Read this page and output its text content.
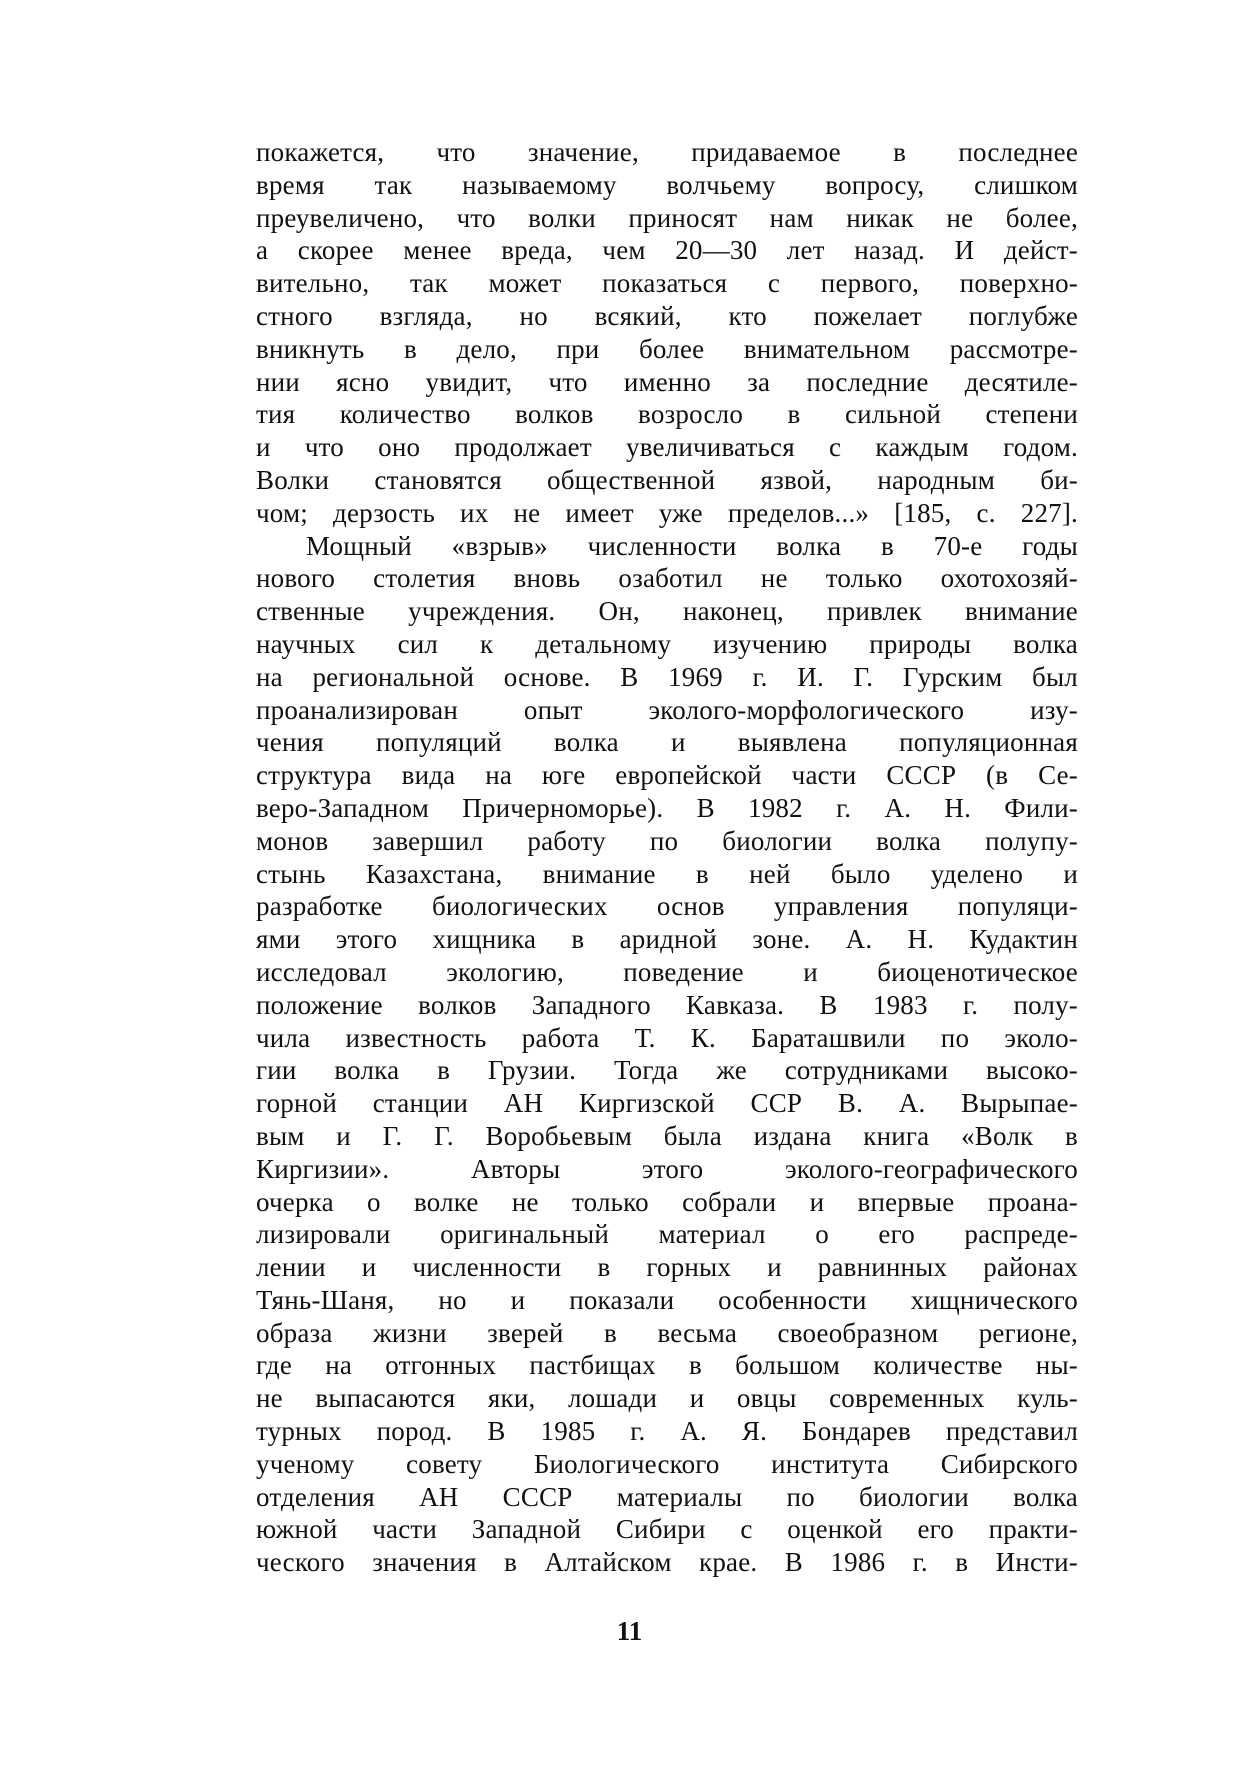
покажется, что значение, придаваемое в последнее
время так называемому волчьему вопросу, слишком
преувеличено, что волки приносят нам никак не более,
а скорее менее вреда, чем 20—30 лет назад. И дейст-
вительно, так может показаться с первого, поверхно-
стного взгляда, но всякий, кто пожелает поглубже
вникнуть в дело, при более внимательном рассмотре-
нии ясно увидит, что именно за последние десятиле-
тия количество волков возросло в сильной степени
и что оно продолжает увеличиваться с каждым годом.
Волки становятся общественной язвой, народным би-
чом; дерзость их не имеет уже пределов...» [185, с. 227].
Мощный «взрыв» численности волка в 70-е годы
нового столетия вновь озаботил не только охотохозяй-
ственные учреждения. Он, наконец, привлек внимание
научных сил к детальному изучению природы волка
на региональной основе. В 1969 г. И. Г. Гурским был
проанализирован опыт эколого-морфологического изу-
чения популяций волка и выявлена популяционная
структура вида на юге европейской части СССР (в Се-
веро-Западном Причерноморье). В 1982 г. А. Н. Фили-
монов завершил работу по биологии волка полупу-
стынь Казахстана, внимание в ней было уделено и
разработке биологических основ управления популяци-
ями этого хищника в аридной зоне. А. Н. Кудактин
исследовал экологию, поведение и биоценотическое
положение волков Западного Кавказа. В 1983 г. полу-
чила известность работа Т. К. Бараташвили по эколо-
гии волка в Грузии. Тогда же сотрудниками высоко-
горной станции АН Киргизской ССР В. А. Вырыпае-
вым и Г. Г. Воробьевым была издана книга «Волк в
Киргизии». Авторы этого эколого-географического
очерка о волке не только собрали и впервые проана-
лизировали оригинальный материал о его распреде-
лении и численности в горных и равнинных районах
Тянь-Шаня, но и показали особенности хищнического
образа жизни зверей в весьма своеобразном регионе,
где на отгонных пастбищах в большом количестве ны-
не выпасаются яки, лошади и овцы современных куль-
турных пород. В 1985 г. А. Я. Бондарев представил
ученому совету Биологического института Сибирского
отделения АН СССР материалы по биологии волка
южной части Западной Сибири с оценкой его практи-
ческого значения в Алтайском крае. В 1986 г. в Инсти-
11
